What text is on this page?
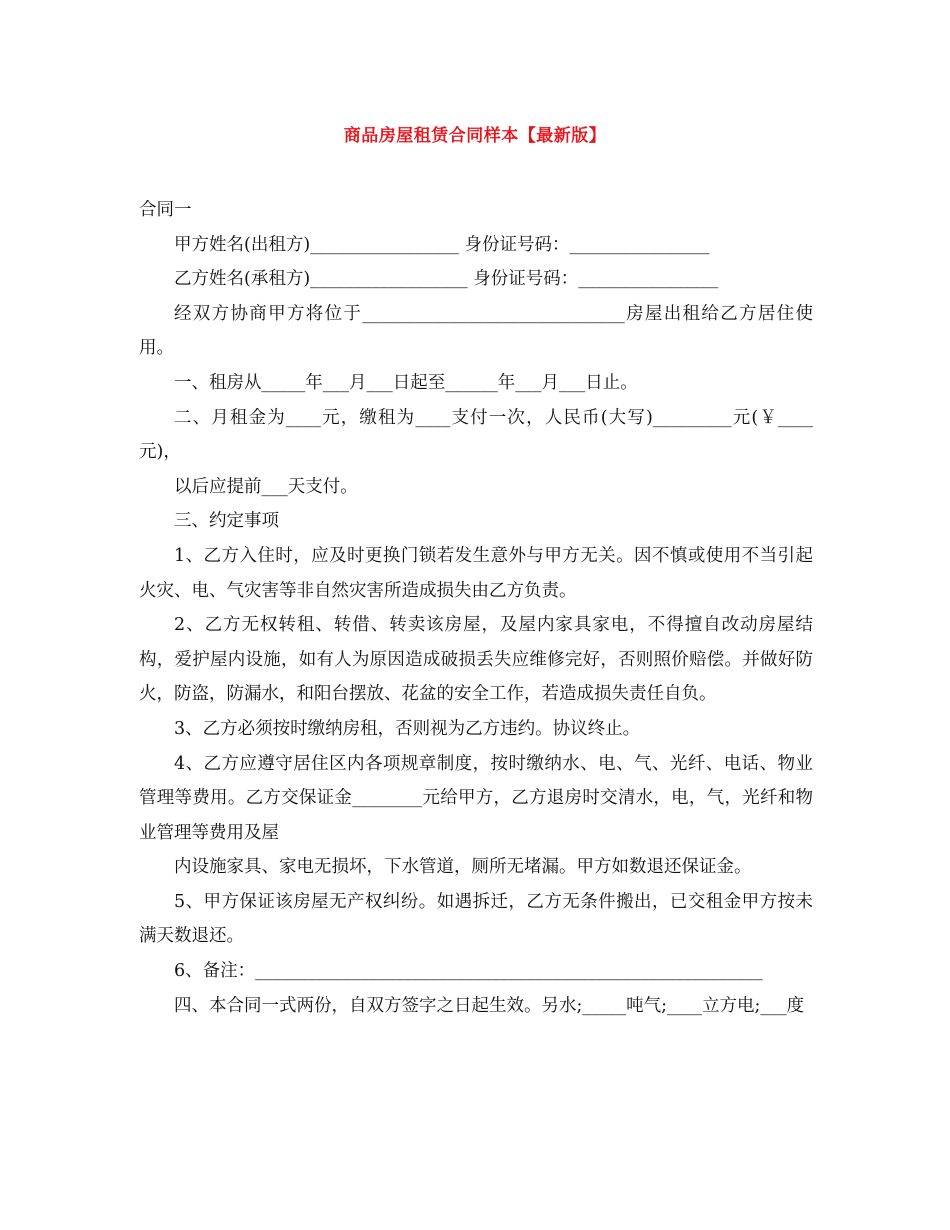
商品房屋租赁合同样本【最新版】

合同一

甲方姓名(出租方)_________________ 身份证号码：________________

乙方姓名(承租方)__________________ 身份证号码：________________

经双方协商甲方将位于______________________________房屋出租给乙方居住使用。

一、租房从_____年___月___日起至______年___月___日止。

二、月租金为____元，缴租为____支付一次，人民币(大写)_________元(￥____元)，

以后应提前___天支付。

三、约定事项

1、乙方入住时，应及时更换门锁若发生意外与甲方无关。因不慎或使用不当引起火灾、电、气灾害等非自然灾害所造成损失由乙方负责。

2、乙方无权转租、转借、转卖该房屋，及屋内家具家电，不得擅自改动房屋结构，爱护屋内设施，如有人为原因造成破损丢失应维修完好，否则照价赔偿。并做好防火，防盗，防漏水，和阳台摆放、花盆的安全工作，若造成损失责任自负。

3、乙方必须按时缴纳房租，否则视为乙方违约。协议终止。

4、乙方应遵守居住区内各项规章制度，按时缴纳水、电、气、光纤、电话、物业管理等费用。乙方交保证金________元给甲方，乙方退房时交清水，电，气，光纤和物业管理等费用及屋

内设施家具、家电无损坏，下水管道，厕所无堵漏。甲方如数退还保证金。

5、甲方保证该房屋无产权纠纷。如遇拆迁，乙方无条件搬出，已交租金甲方按未满天数退还。

6、备注：__________________________________________________________

四、本合同一式两份，自双方签字之日起生效。另水;_____吨气;____立方电;___度
